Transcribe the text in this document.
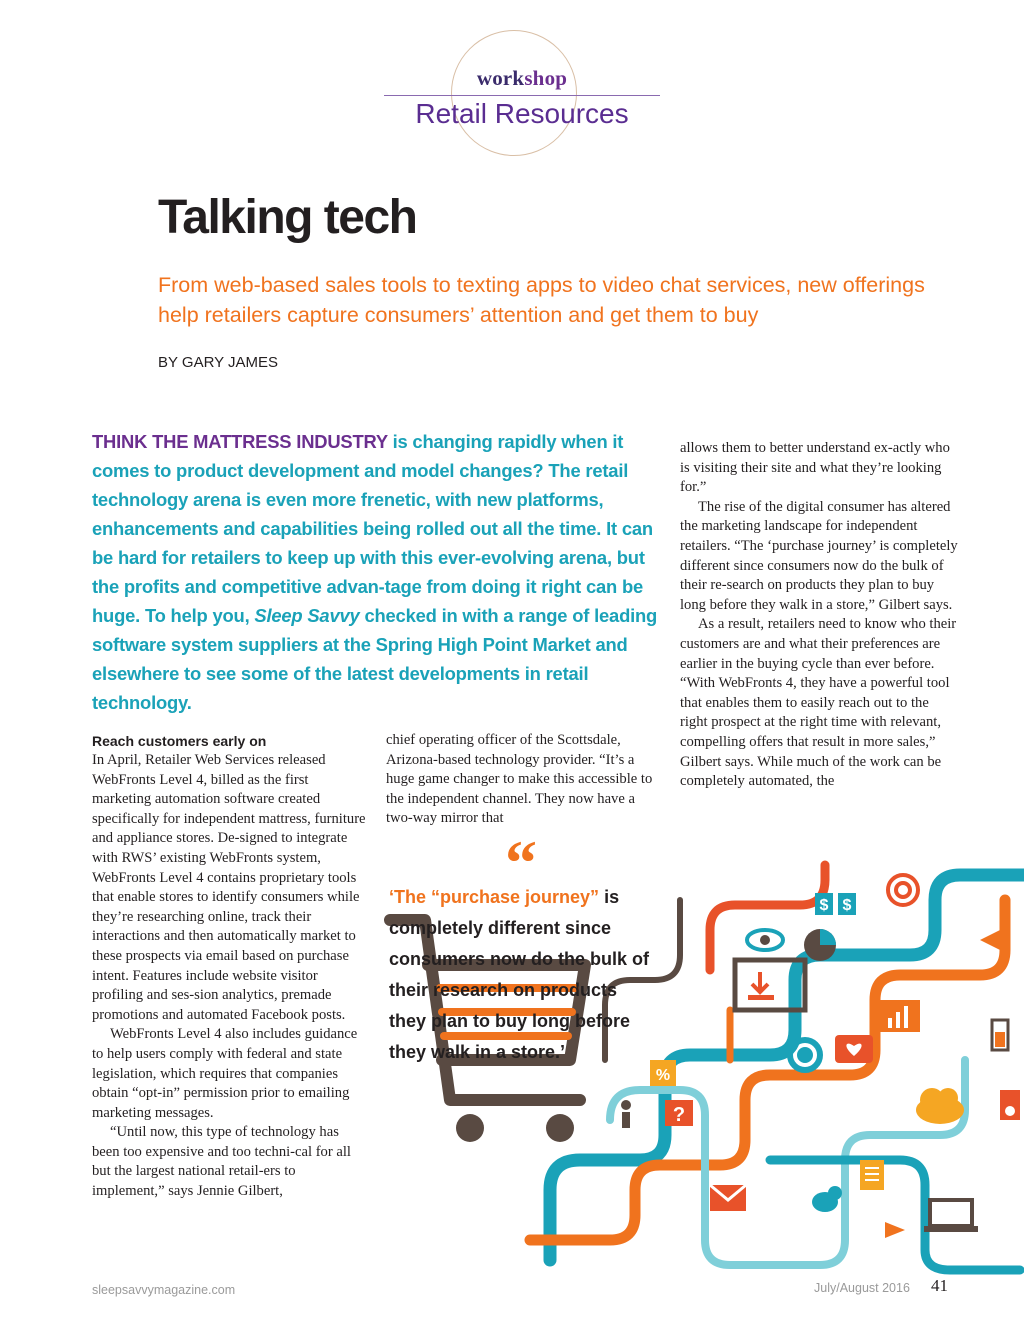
workshop
Retail Resources
Talking tech
From web-based sales tools to texting apps to video chat services, new offerings help retailers capture consumers’ attention and get them to buy
BY GARY JAMES
THINK THE MATTRESS INDUSTRY is changing rapidly when it comes to product development and model changes? The retail technology arena is even more frenetic, with new platforms, enhancements and capabilities being rolled out all the time. It can be hard for retailers to keep up with this ever-evolving arena, but the profits and competitive advan-tage from doing it right can be huge. To help you, Sleep Savvy checked in with a range of leading software system suppliers at the Spring High Point Market and elsewhere to see some of the latest developments in retail technology.
Reach customers early on

In April, Retailer Web Services released WebFronts Level 4, billed as the first marketing automation software created specifically for independent mattress, furniture and appliance stores. De-signed to integrate with RWS’ existing WebFronts system, WebFronts Level 4 contains proprietary tools that enable stores to identify consumers while they’re researching online, track their interactions and then automatically market to these prospects via email based on purchase intent. Features include website visitor profiling and ses-sion analytics, premade promotions and automated Facebook posts.

WebFronts Level 4 also includes guidance to help users comply with federal and state legislation, which requires that companies obtain “opt-in” permission prior to emailing marketing messages.

“Until now, this type of technology has been too expensive and too techni-cal for all but the largest national retail-ers to implement,” says Jennie Gilbert,

chief operating officer of the Scottsdale, Arizona-based technology provider. “It’s a huge game changer to make this accessible to the independent channel. They now have a two-way mirror that

allows them to better understand ex-actly who is visiting their site and what they’re looking for.”

The rise of the digital consumer has altered the marketing landscape for independent retailers. “The ‘purchase journey’ is completely different since consumers now do the bulk of their re-search on products they plan to buy long before they walk in a store,” Gilbert says.

As a result, retailers need to know who their customers are and what their preferences are earlier in the buying cycle than ever before. “With WebFronts 4, they have a powerful tool that enables them to easily reach out to the right prospect at the right time with relevant, compelling offers that result in more sales,” Gilbert says. While much of the work can be completely automated, the

$ $
?
%
“
‘The “purchase journey” is completely different since consumers now do the bulk of their research on products they plan to buy long before they walk in a store.’
sleepsavvymagazine.com	July/August 2016 41
